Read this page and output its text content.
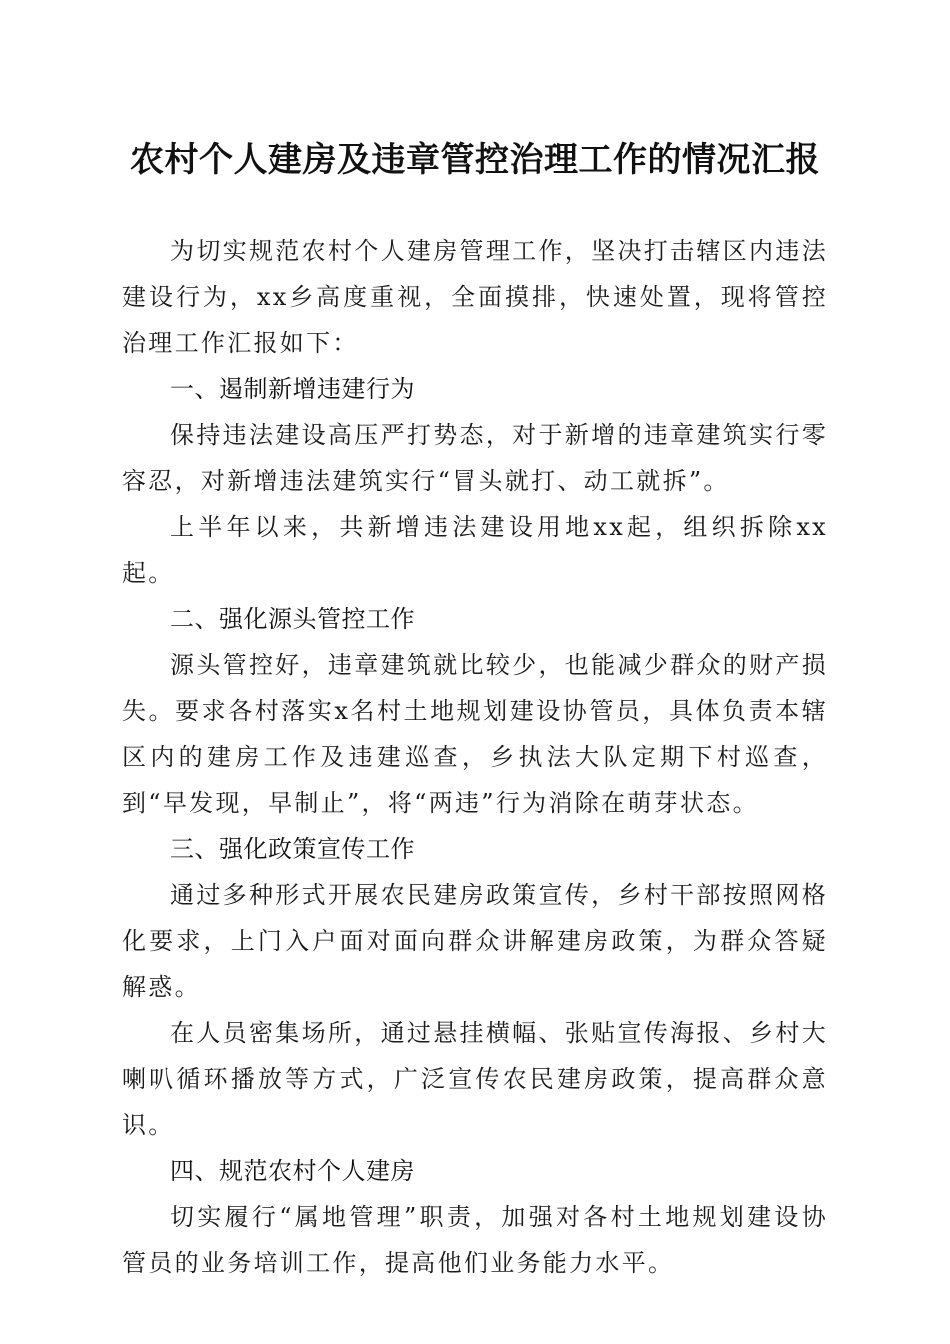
农村个人建房及违章管控治理工作的情况汇报

为切实规范农村个人建房管理工作，坚决打击辖区内违法建设行为，xx乡高度重视，全面摸排，快速处置，现将管控治理工作汇报如下：

一、遏制新增违建行为

保持违法建设高压严打势态，对于新增的违章建筑实行零容忍，对新增违法建筑实行“冒头就打、动工就拆”。

上半年以来，共新增违法建设用地xx起，组织拆除xx起。

二、强化源头管控工作

源头管控好，违章建筑就比较少，也能减少群众的财产损失。要求各村落实x名村土地规划建设协管员，具体负责本辖区内的建房工作及违建巡查，乡执法大队定期下村巡查，到“早发现，早制止”，将“两违”行为消除在萌芽状态。

三、强化政策宣传工作

通过多种形式开展农民建房政策宣传，乡村干部按照网格化要求，上门入户面对面向群众讲解建房政策，为群众答疑解惑。

在人员密集场所，通过悬挂横幅、张贴宣传海报、乡村大喇叭循环播放等方式，广泛宣传农民建房政策，提高群众意识。

四、规范农村个人建房

切实履行“属地管理”职责，加强对各村土地规划建设协管员的业务培训工作，提高他们业务能力水平。
